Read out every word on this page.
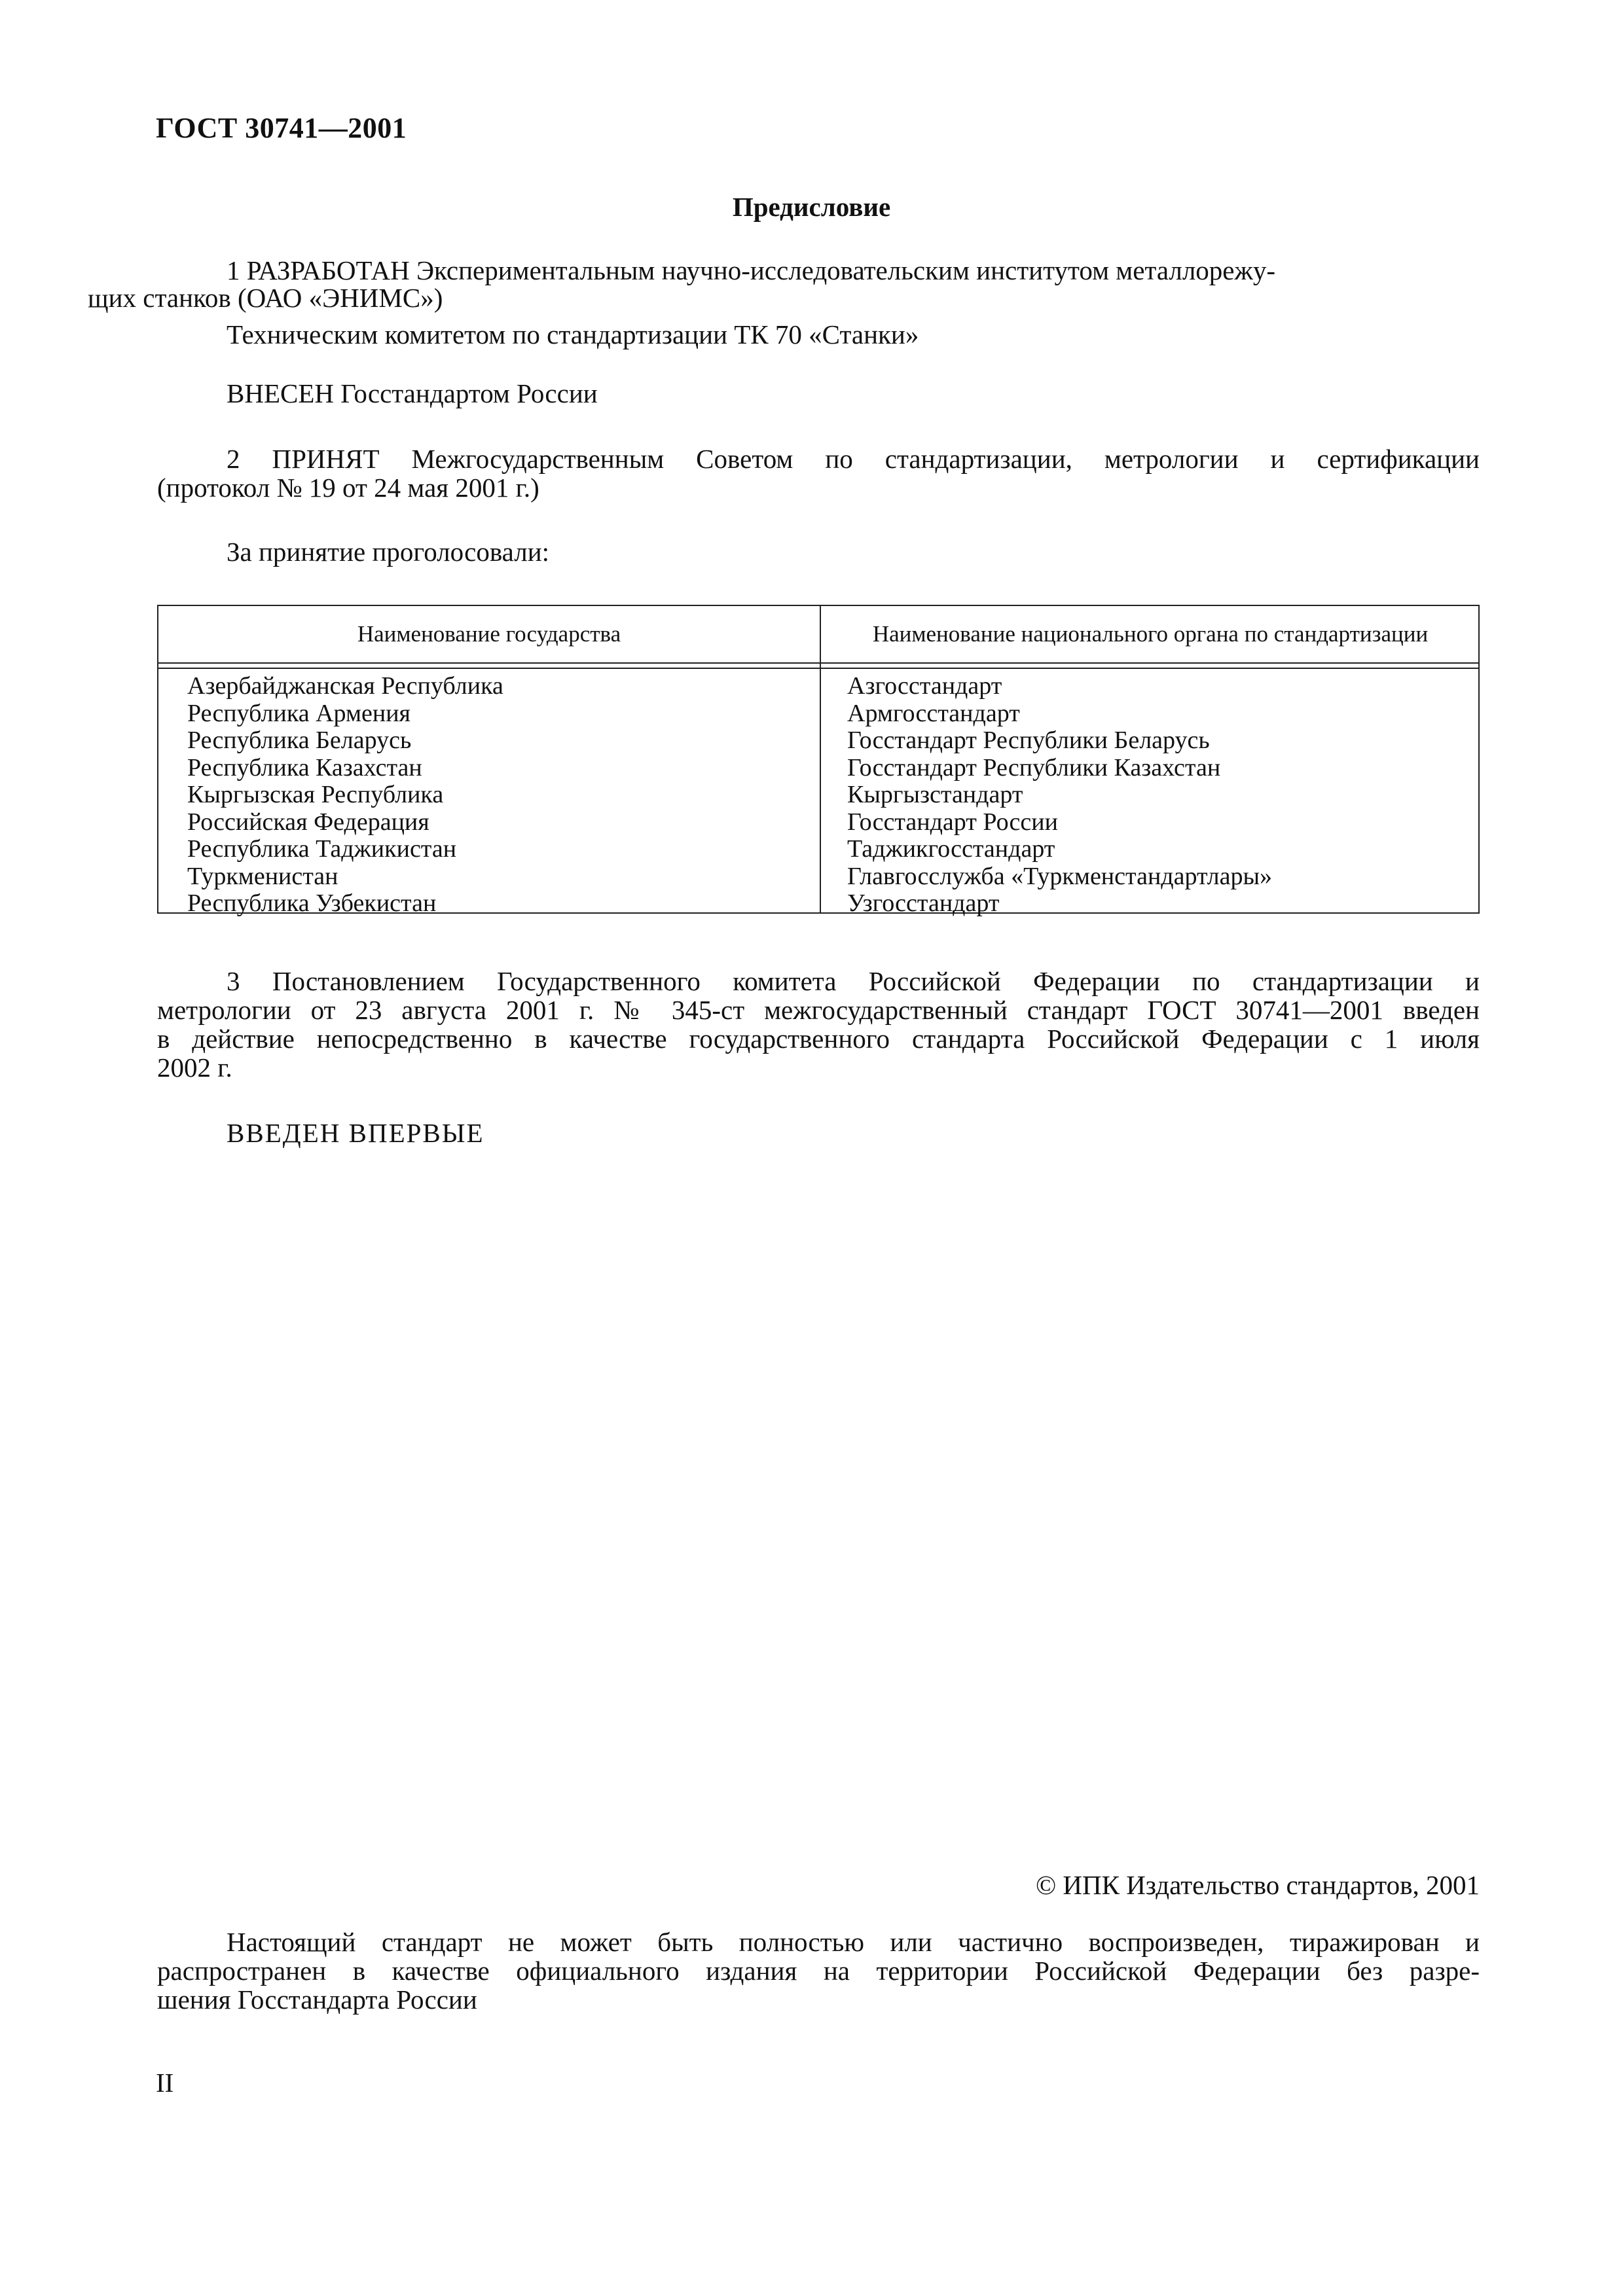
ГОСТ 30741—2001
Предисловие

1 РАЗРАБОТАН Экспериментальным научно-исследовательским институтом металлорежу-
щих станков (ОАО «ЭНИМС»)

Техническим комитетом по стандартизации ТК 70 «Станки»

ВНЕСЕН Госстандартом России

2 ПРИНЯТ Межгосударственным Советом по стандартизации, метрологии и сертификации

(протокол № 19 от 24 мая 2001 г.)

За принятие проголосовали:

Наименование государства	Наименование национального органа по стандартизации

Азербайджанская Республика
Республика Армения
Республика Беларусь
Республика Казахстан
Кыргызская Республика
Российская Федерация
Республика Таджикистан
Туркменистан
Республика Узбекистан
Азгосстандарт
Армгосстандарт
Госстандарт Республики Беларусь
Госстандарт Республики Казахстан
Кыргызстандарт
Госстандарт России
Таджикгосстандарт
Главгосслужба «Туркменстандартлары»
Узгосстандарт

3 Постановлением Государственного комитета Российской Федерации по стандартизации и

метрологии от 23 августа 2001 г. № 345-ст межгосударственный стандарт ГОСТ 30741—2001 введен

в действие непосредственно в качестве государственного стандарта Российской Федерации с 1 июля

2002 г.

ВВЕДЕН ВПЕРВЫЕ

© ИПК Издательство стандартов, 2001

Настоящий стандарт не может быть полностью или частично воспроизведен, тиражирован и

распространен в качестве официального издания на территории Российской Федерации без разре-

шения Госстандарта России

II
